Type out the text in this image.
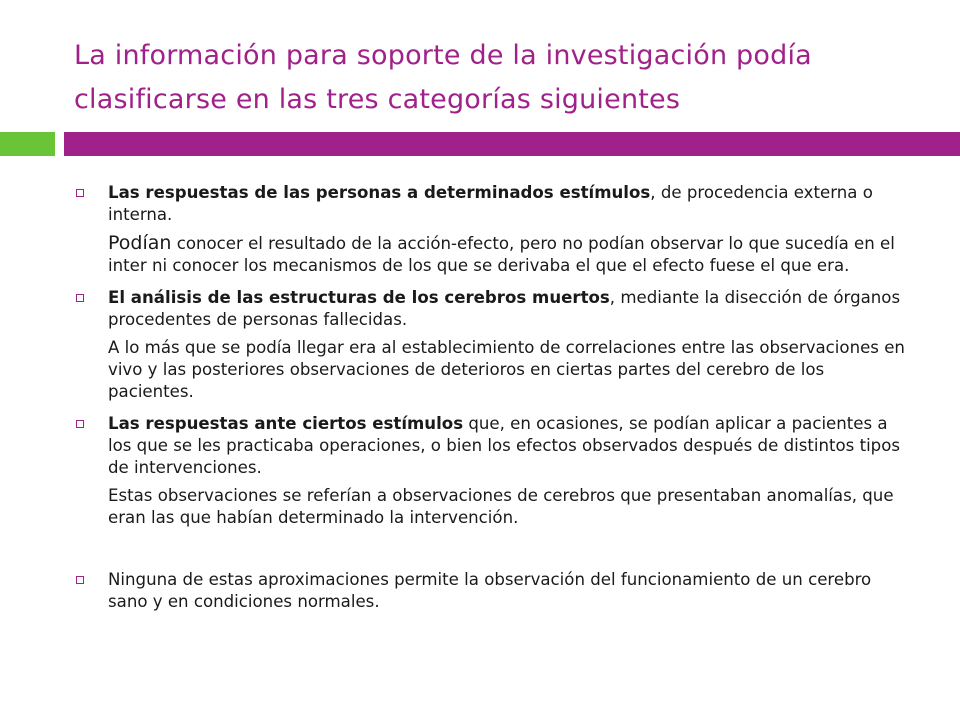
La información para soporte de la investigación podía
clasificarse en las tres categorías siguientes
Las respuestas de las personas a determinados estímulos, de procedencia externa o interna.
Podían conocer el resultado de la acción-efecto, pero no podían observar lo que sucedía en el inter ni conocer los mecanismos de los que se derivaba el que el efecto fuese el que era.
El análisis de las estructuras de los cerebros muertos, mediante la disección de órganos procedentes de personas fallecidas.
A lo más que se podía llegar era al establecimiento de correlaciones entre las observaciones en vivo y las posteriores observaciones de deterioros en ciertas partes del cerebro de los pacientes.
Las respuestas ante ciertos estímulos que, en ocasiones, se podían aplicar a pacientes a los que se les practicaba operaciones, o bien los efectos observados después de distintos tipos de intervenciones.
Estas observaciones se referían a observaciones de cerebros que presentaban anomalías, que eran las que habían determinado la intervención.
Ninguna de estas aproximaciones permite la observación del funcionamiento de un cerebro sano y en condiciones normales.
